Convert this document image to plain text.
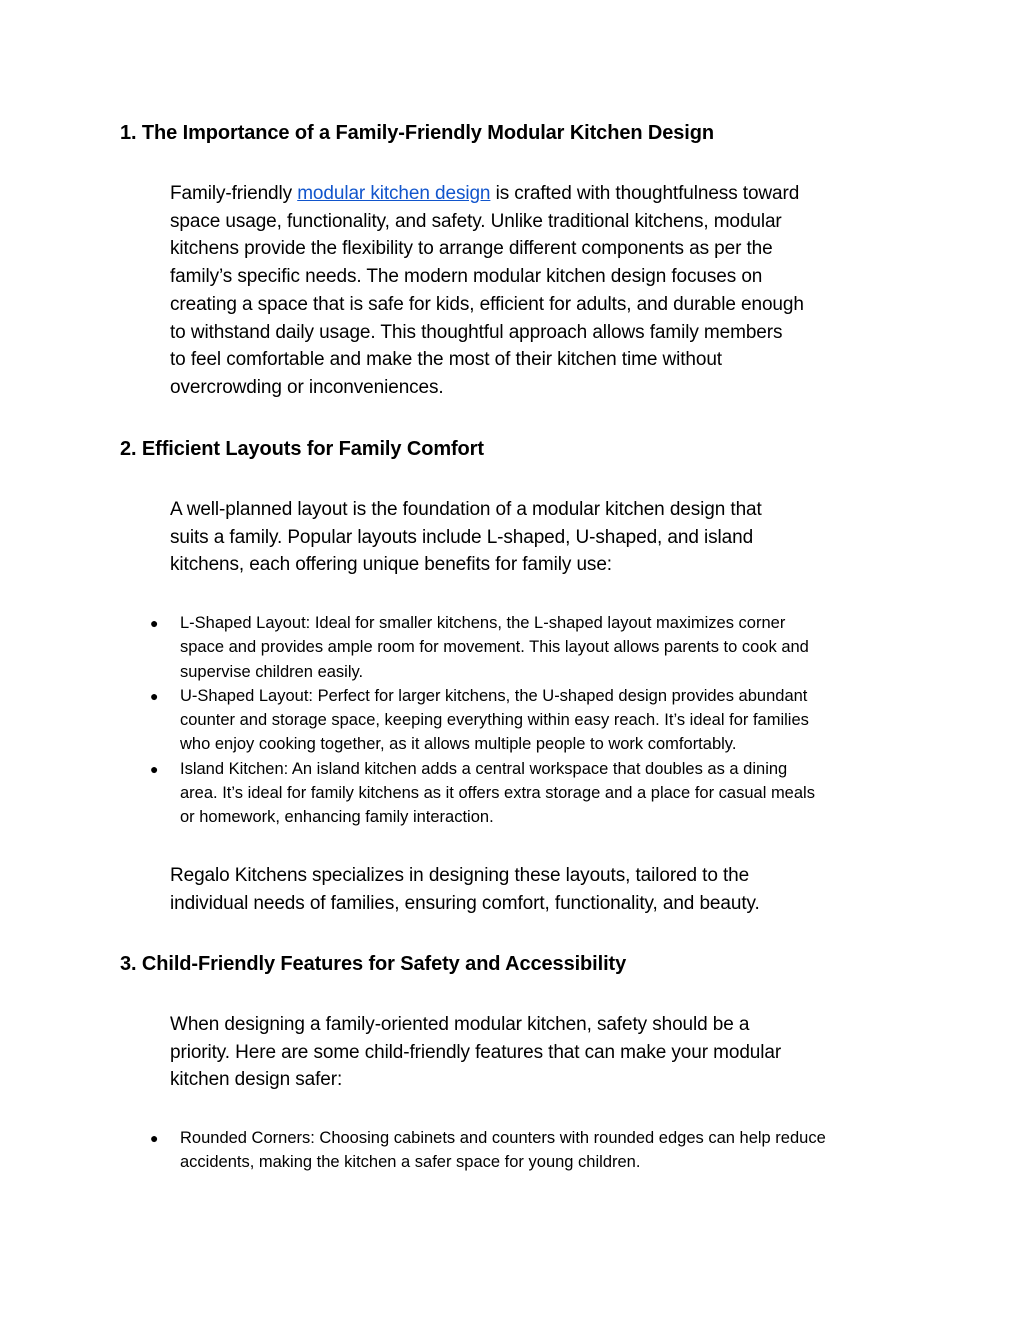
1. The Importance of a Family-Friendly Modular Kitchen Design

Family-friendly modular kitchen design is crafted with thoughtfulness toward
space usage, functionality, and safety. Unlike traditional kitchens, modular
kitchens provide the flexibility to arrange different components as per the
family’s specific needs. The modern modular kitchen design focuses on
creating a space that is safe for kids, efficient for adults, and durable enough
to withstand daily usage. This thoughtful approach allows family members
to feel comfortable and make the most of their kitchen time without
overcrowding or inconveniences.

2. Efficient Layouts for Family Comfort

A well-planned layout is the foundation of a modular kitchen design that
suits a family. Popular layouts include L-shaped, U-shaped, and island
kitchens, each offering unique benefits for family use:

● L-Shaped Layout: Ideal for smaller kitchens, the L-shaped layout maximizes corner
space and provides ample room for movement. This layout allows parents to cook and
supervise children easily.
● U-Shaped Layout: Perfect for larger kitchens, the U-shaped design provides abundant
counter and storage space, keeping everything within easy reach. It’s ideal for families
who enjoy cooking together, as it allows multiple people to work comfortably.
● Island Kitchen: An island kitchen adds a central workspace that doubles as a dining
area. It’s ideal for family kitchens as it offers extra storage and a place for casual meals
or homework, enhancing family interaction.

Regalo Kitchens specializes in designing these layouts, tailored to the
individual needs of families, ensuring comfort, functionality, and beauty.

3. Child-Friendly Features for Safety and Accessibility

When designing a family-oriented modular kitchen, safety should be a
priority. Here are some child-friendly features that can make your modular
kitchen design safer:

● Rounded Corners: Choosing cabinets and counters with rounded edges can help reduce
accidents, making the kitchen a safer space for young children.
